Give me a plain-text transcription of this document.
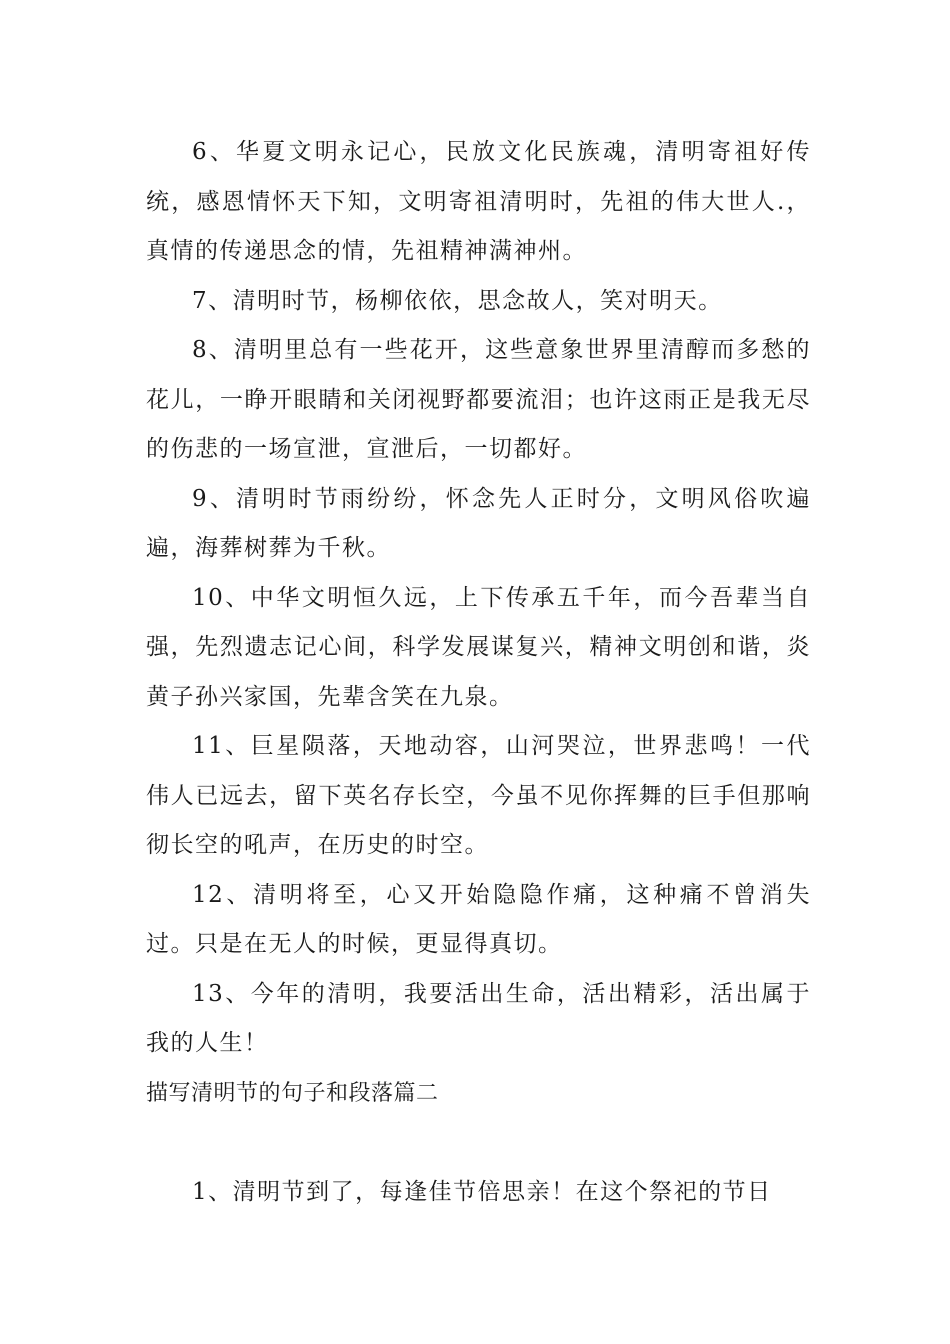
6、华夏文明永记心，民放文化民族魂，清明寄祖好传统，感恩情怀天下知，文明寄祖清明时，先祖的伟大世人.，真情的传递思念的情，先祖精神满神州。

7、清明时节，杨柳依依，思念故人，笑对明天。

8、清明里总有一些花开，这些意象世界里清醇而多愁的花儿，一睁开眼睛和关闭视野都要流泪；也许这雨正是我无尽的伤悲的一场宣泄，宣泄后，一切都好。

9、清明时节雨纷纷，怀念先人正时分，文明风俗吹遍遍，海葬树葬为千秋。

10、中华文明恒久远，上下传承五千年，而今吾辈当自强，先烈遗志记心间，科学发展谋复兴，精神文明创和谐，炎黄子孙兴家国，先辈含笑在九泉。

11、巨星陨落，天地动容，山河哭泣，世界悲鸣！一代伟人已远去，留下英名存长空，今虽不见你挥舞的巨手但那响彻长空的吼声，在历史的时空。

12、清明将至，心又开始隐隐作痛，这种痛不曾消失过。只是在无人的时候，更显得真切。

13、今年的清明，我要活出生命，活出精彩，活出属于我的人生！

描写清明节的句子和段落篇二

1、清明节到了，每逢佳节倍思亲！在这个祭祀的节日
